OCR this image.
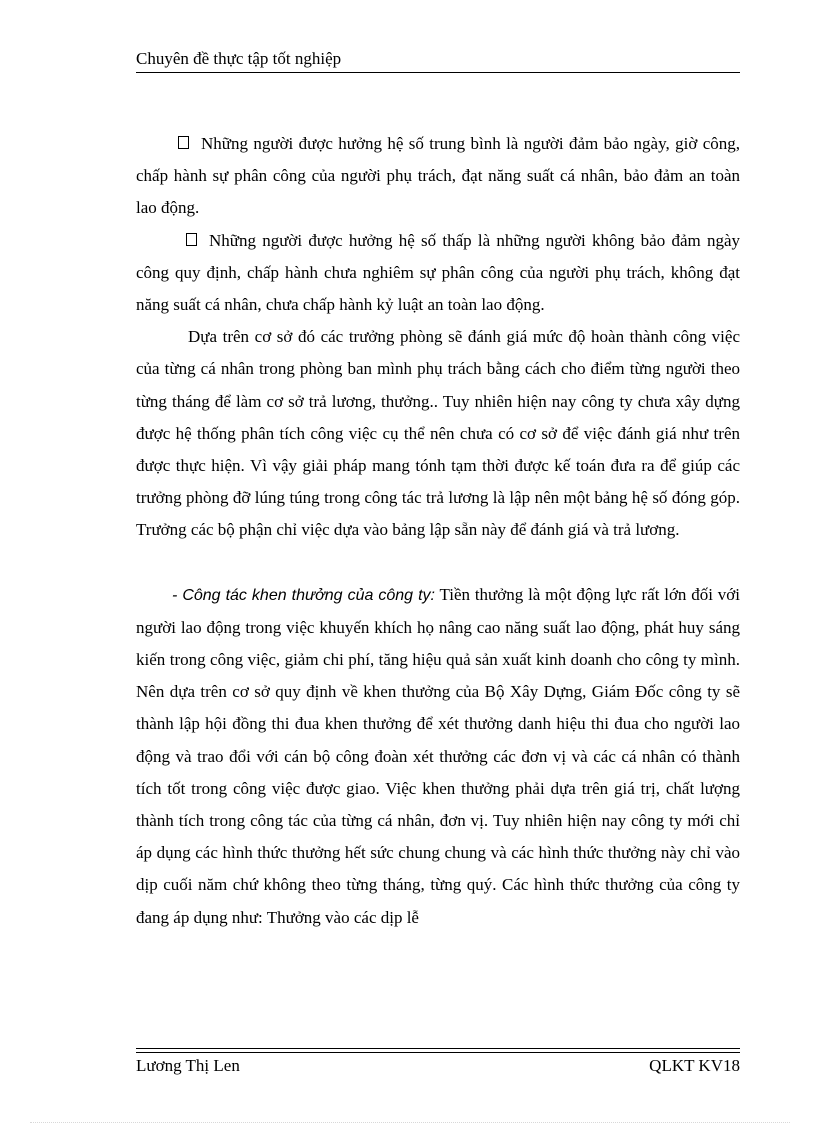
Chuyên đề thực tập tốt nghiệp

Những người được hưởng hệ số trung bình là người đảm bảo ngày, giờ công, chấp hành sự phân công của người phụ trách, đạt năng suất cá nhân, bảo đảm an toàn lao động.

Những người được hưởng hệ số thấp là những người không bảo đảm ngày công quy định, chấp hành chưa nghiêm sự phân công của người phụ trách, không đạt năng suất cá nhân, chưa chấp hành kỷ luật an toàn lao động.

Dựa trên cơ sở đó các trưởng phòng sẽ đánh giá mức độ hoàn thành công việc của từng cá nhân trong phòng ban mình phụ trách bằng cách cho điểm từng người theo từng tháng để làm cơ sở trả lương, thưởng.. Tuy nhiên hiện nay công ty chưa xây dựng được hệ thống phân tích công việc cụ thể nên chưa có cơ sở để việc đánh giá như trên được thực hiện. Vì vậy giải pháp mang tónh tạm thời được kế toán đưa ra để giúp các trưởng phòng đỡ lúng túng trong công tác trả lương là lập nên một bảng hệ số đóng góp. Trưởng các bộ phận chỉ việc dựa vào bảng lập sẵn này để đánh giá và trả lương.

- Công tác khen thưởng của công ty: Tiền thưởng là một động lực rất lớn đối với người lao động trong việc khuyến khích họ nâng cao năng suất lao động, phát huy sáng kiến trong công việc, giảm chi phí, tăng hiệu quả sản xuất kinh doanh cho công ty mình. Nên dựa trên cơ sở quy định về khen thưởng của Bộ Xây Dựng, Giám Đốc công ty sẽ thành lập hội đồng thi đua khen thưởng để xét thưởng danh hiệu thi đua cho người lao động và trao đổi với cán bộ công đoàn xét thưởng các đơn vị và các cá nhân có thành tích tốt trong công việc được giao. Việc khen thưởng phải dựa trên giá trị, chất lượng thành tích trong công tác của từng cá nhân, đơn vị. Tuy nhiên hiện nay công ty mới chỉ áp dụng các hình thức thưởng hết sức chung chung và các hình thức thưởng này chỉ vào dịp cuối năm chứ không theo từng tháng, từng quý. Các hình thức thưởng của công ty đang áp dụng như: Thưởng vào các dịp lễ

Lương Thị Len	QLKT KV18
